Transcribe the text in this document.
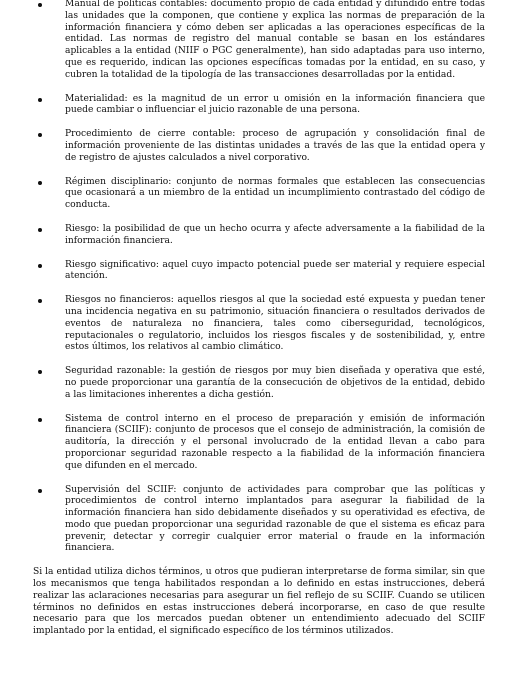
Manual de políticas contables: documento propio de cada entidad y difundido entre todas las unidades que la componen, que contiene y explica las normas de preparación de la información financiera y cómo deben ser aplicadas a las operaciones específicas de la entidad. Las normas de registro del manual contable se basan en los estándares aplicables a la entidad (NIIF o PGC generalmente), han sido adaptadas para uso interno, que es requerido, indican las opciones específicas tomadas por la entidad, en su caso, y cubren la totalidad de la tipología de las transacciones desarrolladas por la entidad.
Materialidad: es la magnitud de un error u omisión en la información financiera que puede cambiar o influenciar el juicio razonable de una persona.
Procedimiento de cierre contable: proceso de agrupación y consolidación final de información proveniente de las distintas unidades a través de las que la entidad opera y de registro de ajustes calculados a nivel corporativo.
Régimen disciplinario: conjunto de normas formales que establecen las consecuencias que ocasionará a un miembro de la entidad un incumplimiento contrastado del código de conducta.
Riesgo: la posibilidad de que un hecho ocurra y afecte adversamente a la fiabilidad de la información financiera.
Riesgo significativo: aquel cuyo impacto potencial puede ser material y requiere especial atención.
Riesgos no financieros: aquellos riesgos al que la sociedad esté expuesta y puedan tener una incidencia negativa en su patrimonio, situación financiera o resultados derivados de eventos de naturaleza no financiera, tales como ciberseguridad, tecnológicos, reputacionales o regulatorio, incluidos los riesgos fiscales y de sostenibilidad, y, entre estos últimos, los relativos al cambio climático.
Seguridad razonable: la gestión de riesgos por muy bien diseñada y operativa que esté, no puede proporcionar una garantía de la consecución de objetivos de la entidad, debido a las limitaciones inherentes a dicha gestión.
Sistema de control interno en el proceso de preparación y emisión de información financiera (SCIIF): conjunto de procesos que el consejo de administración, la comisión de auditoría, la dirección y el personal involucrado de la entidad llevan a cabo para proporcionar seguridad razonable respecto a la fiabilidad de la información financiera que difunden en el mercado.
Supervisión del SCIIF: conjunto de actividades para comprobar que las políticas y procedimientos de control interno implantados para asegurar la fiabilidad de la información financiera han sido debidamente diseñados y su operatividad es efectiva, de modo que puedan proporcionar una seguridad razonable de que el sistema es eficaz para prevenir, detectar y corregir cualquier error material o fraude en la información financiera.

Si la entidad utiliza dichos términos, u otros que pudieran interpretarse de forma similar, sin que los mecanismos que tenga habilitados respondan a lo definido en estas instrucciones, deberá realizar las aclaraciones necesarias para asegurar un fiel reflejo de su SCIIF. Cuando se utilicen términos no definidos en estas instrucciones deberá incorporarse, en caso de que resulte necesario para que los mercados puedan obtener un entendimiento adecuado del SCIIF implantado por la entidad, el significado específico de los términos utilizados.
